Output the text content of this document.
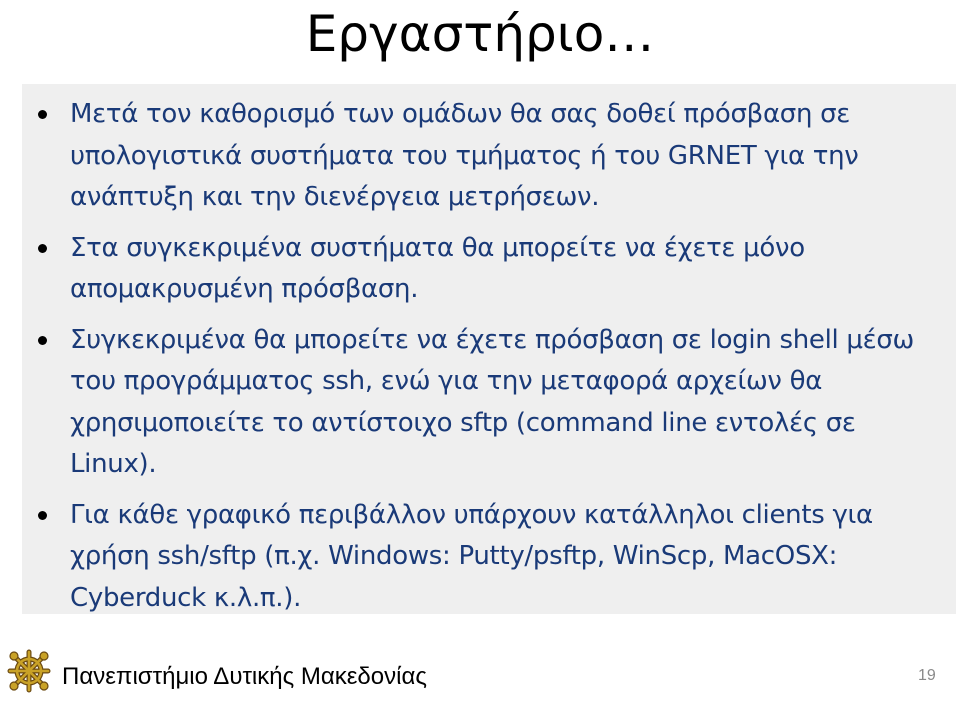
Εργαστήριο…
Μετά τον καθορισμό των ομάδων θα σας δοθεί πρόσβαση σε υπολογιστικά συστήματα του τμήματος ή του GRNET για την ανάπτυξη και την διενέργεια μετρήσεων.
Στα συγκεκριμένα συστήματα θα μπορείτε να έχετε μόνο απομακρυσμένη πρόσβαση.
Συγκεκριμένα θα μπορείτε να έχετε πρόσβαση σε login shell μέσω του προγράμματος ssh, ενώ για την μεταφορά αρχείων θα χρησιμοποιείτε το αντίστοιχο sftp (command line εντολές σε Linux).
Για κάθε γραφικό περιβάλλον υπάρχουν κατάλληλοι clients για χρήση ssh/sftp (π.χ. Windows: Putty/psftp, WinScp, MacOSX: Cyberduck κ.λ.π.).
Πανεπιστήμιο Δυτικής Μακεδονίας	19
